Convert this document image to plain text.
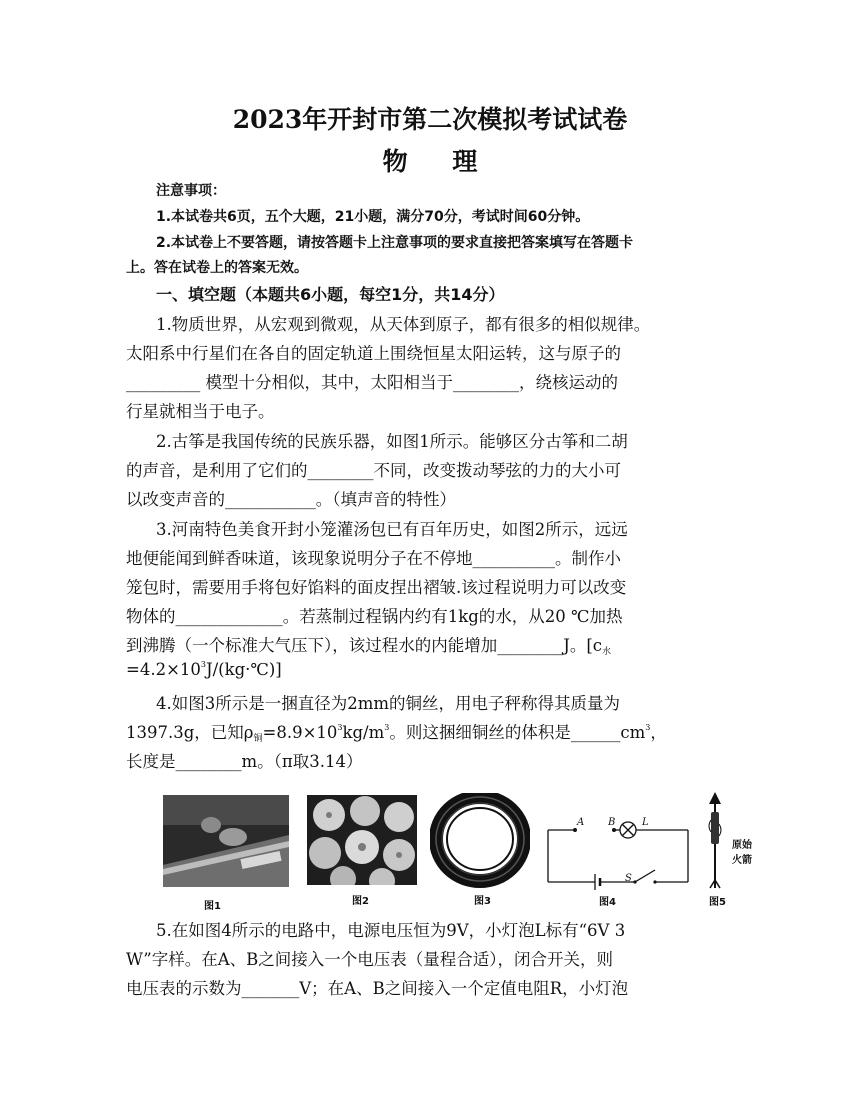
2023年开封市第二次模拟考试试卷
物 理
注意事项：
1.本试卷共6页，五个大题，21小题，满分70分，考试时间60分钟。
2.本试卷上不要答题，请按答题卡上注意事项的要求直接把答案填写在答题卡
上。答在试卷上的答案无效。
一、填空题（本题共6小题，每空1分，共14分）
1.物质世界，从宏观到微观，从天体到原子，都有很多的相似规律。
太阳系中行星们在各自的固定轨道上围绕恒星太阳运转，这与原子的
_________ 模型十分相似，其中，太阳相当于________，绕核运动的
行星就相当于电子。
2.古筝是我国传统的民族乐器，如图1所示。能够区分古筝和二胡
的声音，是利用了它们的________不同，改变拨动琴弦的力的大小可
以改变声音的___________。（填声音的特性）
3.河南特色美食开封小笼灌汤包已有百年历史，如图2所示，远远
地便能闻到鲜香味道，该现象说明分子在不停地__________。制作小
笼包时，需要用手将包好馅料的面皮捏出褶皱.该过程说明力可以改变
物体的_____________。若蒸制过程锅内约有1kg的水，从20 ℃加热
到沸腾（一个标准大气压下），该过程水的内能增加________J。[$c_水$
$=4.2\times 10^3J/(kg\cdot℃)$]
4.如图3所示是一捆直径为2mm的铜丝，用电子秤称得其质量为
1397.3g，已知$\rho_铜=8.9\times 10^3kg/m^3$。则这捆细铜丝的体积是$\_\_\_\_\_\_cm^3$，
长度是________m。（π取3.14）
图1	图2	图3
A B	L
S
图4
原始
火箭
图5
5.在如图4所示的电路中，电源电压恒为9V，小灯泡L标有“6V 3
W”字样。在A、B之间接入一个电压表（量程合适），闭合开关，则
电压表的示数为_______V；在A、B之间接入一个定值电阻R，小灯泡
